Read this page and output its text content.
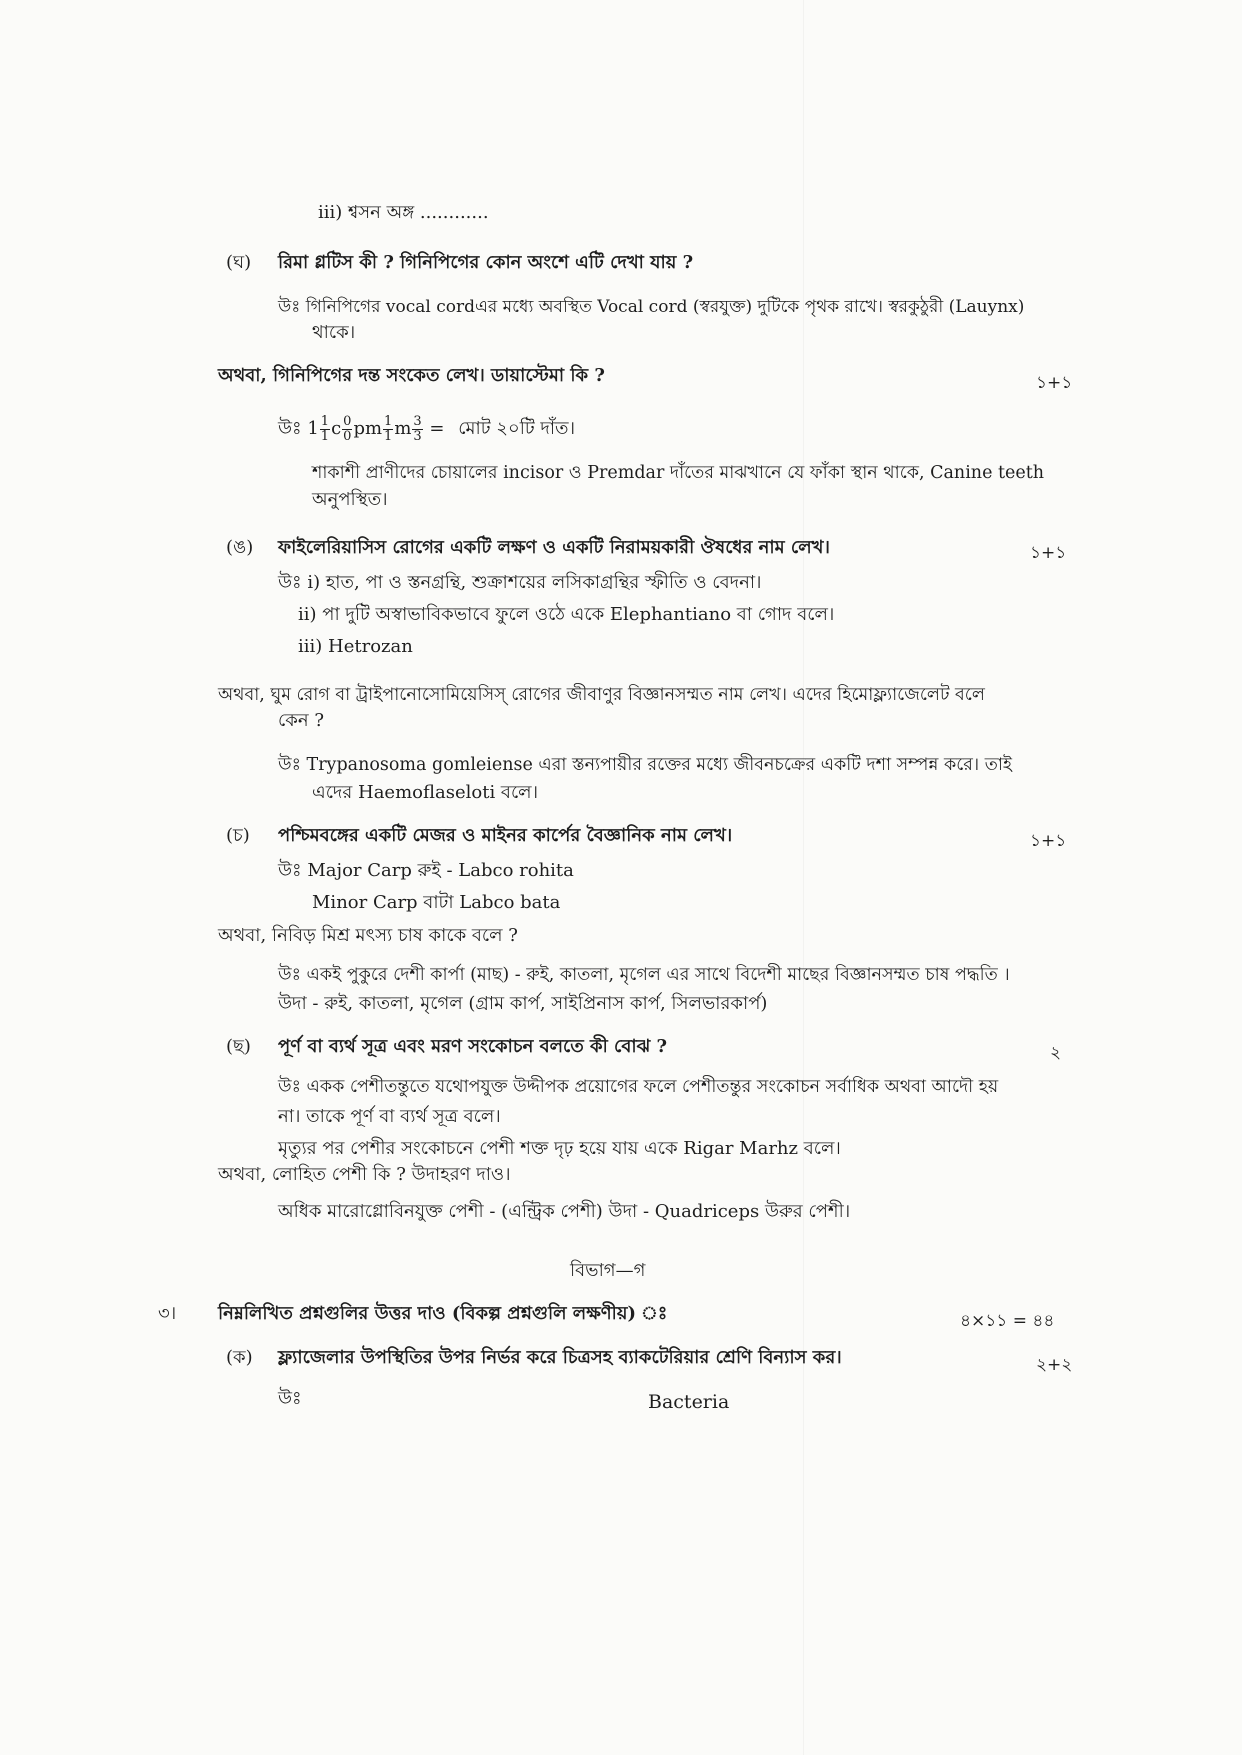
iii) শ্বসন অঙ্গ ............
(ঘ) রিমা গ্লটিস কী ? গিনিপিগের কোন অংশে এটি দেখা যায় ?
উঃ গিনিপিগের vocal cordএর মধ্যে অবস্থিত Vocal cord (স্বরযুক্ত) দুটিকে পৃথক রাখে। স্বরকুঠুরী (Lauynx)
থাকে।
অথবা, গিনিপিগের দন্ত সংকেত লেখ। ডায়াস্টেমা কি ?	১+১
উঃ $1 \frac{1}{1}$ c $\frac{0}{0}$ pm $\frac{1}{1}$ m $\frac{3}{3}$ = মোট ২০টি দাঁত।
শাকাশী প্রাণীদের চোয়ালের incisor ও Premdar দাঁতের মাঝখানে যে ফাঁকা স্থান থাকে, Canine teeth
অনুপস্থিত।
(ঙ) ফাইলেরিয়াসিস রোগের একটি লক্ষণ ও একটি নিরাময়কারী ঔষধের নাম লেখ।	১+১
উঃ i) হাত, পা ও স্তনগ্রন্থি, শুক্রাশয়ের লসিকাগ্রন্থির স্ফীতি ও বেদনা।
ii) পা দুটি অস্বাভাবিকভাবে ফুলে ওঠে একে Elephantiano বা গোদ বলে।
iii) Hetrozan
অথবা, ঘুম রোগ বা ট্রাইপানোসোমিয়েসিস্ রোগের জীবাণুর বিজ্ঞানসম্মত নাম লেখ। এদের হিমোফ্ল্যাজেলেট বলে
কেন ?
উঃ Trypanosoma gomleiense এরা স্তন্যপায়ীর রক্তের মধ্যে জীবনচক্রের একটি দশা সম্পন্ন করে। তাই
এদের Haemoflaseloti বলে।
(চ) পশ্চিমবঙ্গের একটি মেজর ও মাইনর কার্পের বৈজ্ঞানিক নাম লেখ।	১+১
উঃ Major Carp রুই - Labco rohita
Minor Carp বাটা Labco bata
অথবা, নিবিড় মিশ্র মৎস্য চাষ কাকে বলে ?
উঃ একই পুকুরে দেশী কার্পা (মাছ) - রুই, কাতলা, মৃগেল এর সাথে বিদেশী মাছের বিজ্ঞানসম্মত চাষ পদ্ধতি ।
উদা - রুই, কাতলা, মৃগেল (গ্রাম কার্প, সাইপ্রিনাস কার্প, সিলভারকার্প)
(ছ) পূর্ণ বা ব্যর্থ সূত্র এবং মরণ সংকোচন বলতে কী বোঝ ?	২
উঃ একক পেশীতন্তুতে যথোপযুক্ত উদ্দীপক প্রয়োগের ফলে পেশীতন্তুর সংকোচন সর্বাধিক অথবা আদৌ হয়
না। তাকে পূর্ণ বা ব্যর্থ সূত্র বলে।
মৃত্যুর পর পেশীর সংকোচনে পেশী শক্ত দৃঢ় হয়ে যায় একে Rigar Marhz বলে।
অথবা, লোহিত পেশী কি ? উদাহরণ দাও।
অধিক মারোগ্লোবিনযুক্ত পেশী - (এন্ট্রিক পেশী) উদা - Quadriceps উরুর পেশী।
বিভাগ—গ
৩। নিম্নলিখিত প্রশ্নগুলির উত্তর দাও (বিকল্প প্রশ্নগুলি লক্ষণীয়) ঃ	৪×১১ = ৪৪
(ক) ফ্ল্যাজেলার উপস্থিতির উপর নির্ভর করে চিত্রসহ ব্যাকটেরিয়ার শ্রেণি বিন্যাস কর।	২+২
উঃ	Bacteria
